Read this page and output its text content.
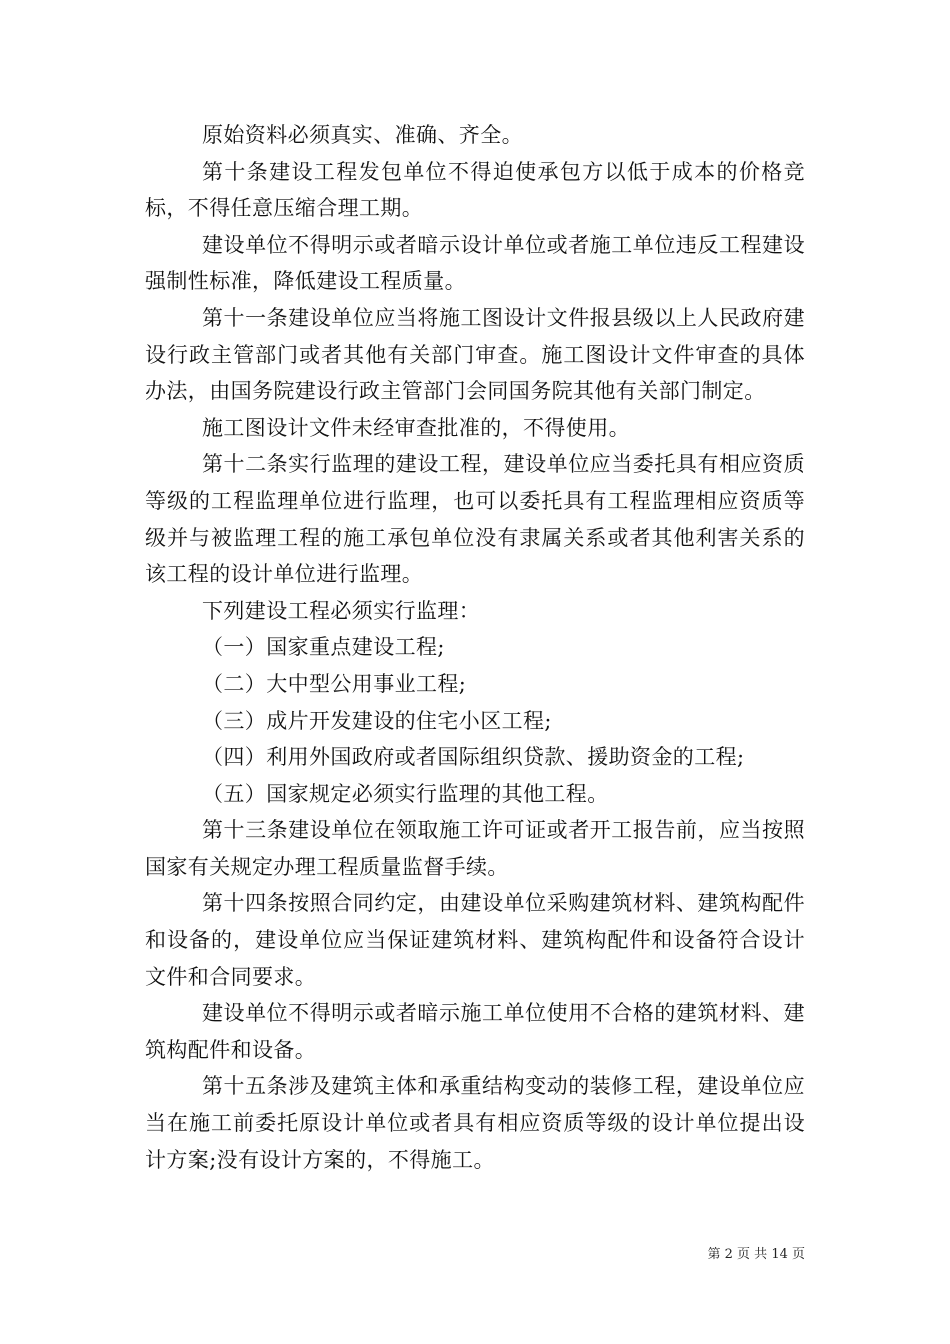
原始资料必须真实、准确、齐全。

第十条建设工程发包单位不得迫使承包方以低于成本的价格竞标，不得任意压缩合理工期。

建设单位不得明示或者暗示设计单位或者施工单位违反工程建设强制性标准，降低建设工程质量。

第十一条建设单位应当将施工图设计文件报县级以上人民政府建设行政主管部门或者其他有关部门审查。施工图设计文件审查的具体办法，由国务院建设行政主管部门会同国务院其他有关部门制定。

施工图设计文件未经审查批准的，不得使用。

第十二条实行监理的建设工程，建设单位应当委托具有相应资质等级的工程监理单位进行监理，也可以委托具有工程监理相应资质等级并与被监理工程的施工承包单位没有隶属关系或者其他利害关系的该工程的设计单位进行监理。

下列建设工程必须实行监理：

（一）国家重点建设工程;

（二）大中型公用事业工程;

（三）成片开发建设的住宅小区工程;

（四）利用外国政府或者国际组织贷款、援助资金的工程;

（五）国家规定必须实行监理的其他工程。

第十三条建设单位在领取施工许可证或者开工报告前，应当按照国家有关规定办理工程质量监督手续。

第十四条按照合同约定，由建设单位采购建筑材料、建筑构配件和设备的，建设单位应当保证建筑材料、建筑构配件和设备符合设计文件和合同要求。

建设单位不得明示或者暗示施工单位使用不合格的建筑材料、建筑构配件和设备。

第十五条涉及建筑主体和承重结构变动的装修工程，建设单位应当在施工前委托原设计单位或者具有相应资质等级的设计单位提出设计方案;没有设计方案的，不得施工。

第 2 页 共 14 页
